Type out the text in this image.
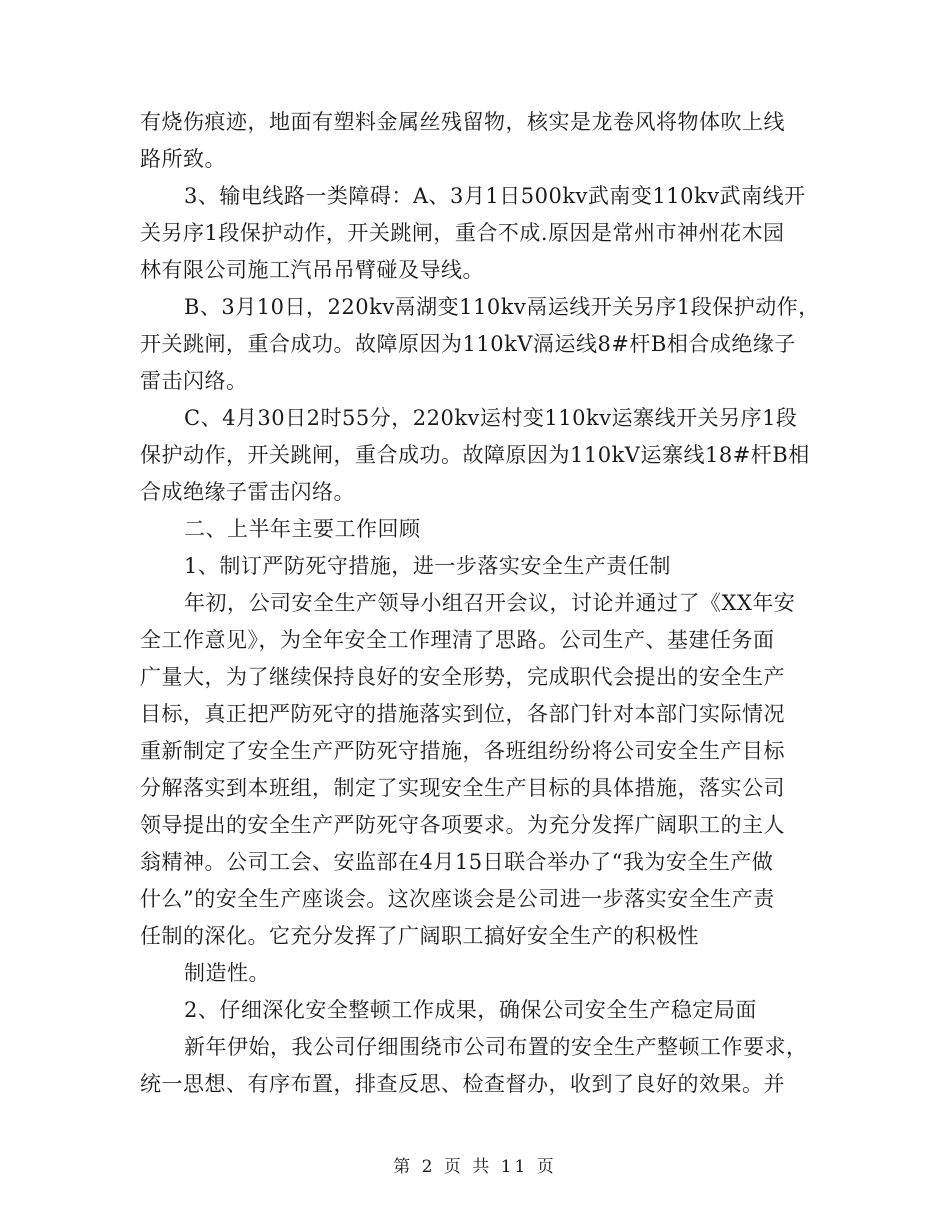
有烧伤痕迹，地面有塑料金属丝残留物，核实是龙卷风将物体吹上线
路所致。
3、输电线路一类障碍：A、3月1日500kv武南变110kv武南线开
关另序1段保护动作，开关跳闸，重合不成.原因是常州市神州花木园
林有限公司施工汽吊吊臂碰及导线。
B、3月10日，220kv鬲湖变110kv鬲运线开关另序1段保护动作，
开关跳闸，重合成功。故障原因为110kV滆运线8#杆B相合成绝缘子
雷击闪络。
C、4月30日2时55分，220kv运村变110kv运寨线开关另序1段
保护动作，开关跳闸，重合成功。故障原因为110kV运寨线18#杆B相
合成绝缘子雷击闪络。
二、上半年主要工作回顾
1、制订严防死守措施，进一步落实安全生产责任制
年初，公司安全生产领导小组召开会议，讨论并通过了《XX年安
全工作意见》，为全年安全工作理清了思路。公司生产、基建任务面
广量大，为了继续保持良好的安全形势，完成职代会提出的安全生产
目标，真正把严防死守的措施落实到位，各部门针对本部门实际情况
重新制定了安全生产严防死守措施，各班组纷纷将公司安全生产目标
分解落实到本班组，制定了实现安全生产目标的具体措施，落实公司
领导提出的安全生产严防死守各项要求。为充分发挥广阔职工的主人
翁精神。公司工会、安监部在4月15日联合举办了“我为安全生产做
什么”的安全生产座谈会。这次座谈会是公司进一步落实安全生产责
任制的深化。它充分发挥了广阔职工搞好安全生产的积极性
制造性。
2、仔细深化安全整顿工作成果，确保公司安全生产稳定局面
新年伊始，我公司仔细围绕市公司布置的安全生产整顿工作要求，
统一思想、有序布置，排查反思、检查督办，收到了良好的效果。并
第 2 页 共 11 页
